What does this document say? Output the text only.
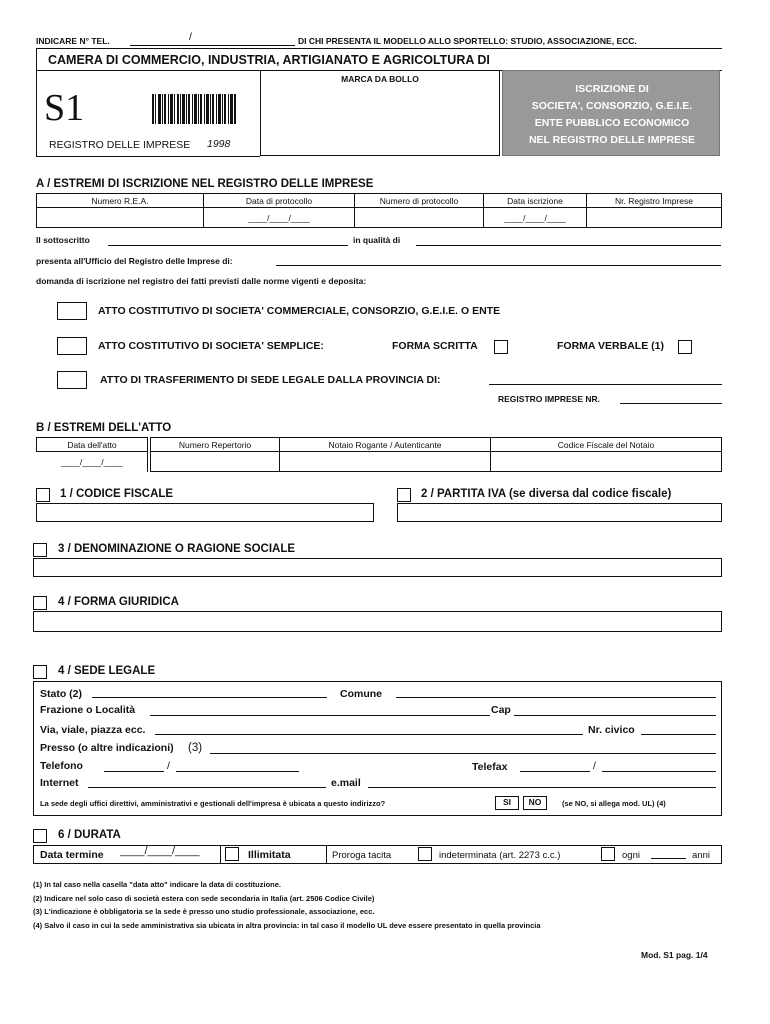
INDICARE N° TEL.	/	DI CHI PRESENTA IL MODELLO ALLO SPORTELLO: STUDIO, ASSOCIAZIONE, ECC.
CAMERA DI COMMERCIO, INDUSTRIA, ARTIGIANATO E AGRICOLTURA DI
MARCA DA BOLLO
S1
REGISTRO DELLE IMPRESE 1998
ISCRIZIONE DI
SOCIETA', CONSORZIO, G.E.I.E.
ENTE PUBBLICO ECONOMICO
NEL REGISTRO DELLE IMPRESE
A / ESTREMI DI ISCRIZIONE NEL REGISTRO DELLE IMPRESE
Numero R.E.A.	Data di protocollo	Numero di protocollo	Data iscrizione	Nr. Registro Imprese
	____/____/____		____/____/____	
Il sottoscritto	in qualità di
presenta all'Ufficio del Registro delle Imprese di:
domanda di iscrizione nel registro dei fatti previsti dalle norme vigenti e deposita:
ATTO COSTITUTIVO DI SOCIETA' COMMERCIALE, CONSORZIO, G.E.I.E. O ENTE
ATTO COSTITUTIVO DI SOCIETA' SEMPLICE:	FORMA SCRITTA	FORMA VERBALE (1)
ATTO DI TRASFERIMENTO DI SEDE LEGALE DALLA PROVINCIA DI:
REGISTRO IMPRESE NR.
B / ESTREMI DELL'ATTO
Data dell'atto		Numero Repertorio	Notaio Rogante / Autenticante	Codice Fiscale del Notaio
____/____/____				
1 / CODICE FISCALE	2 / PARTITA IVA (se diversa dal codice fiscale)
3 / DENOMINAZIONE O RAGIONE SOCIALE
4 / FORMA GIURIDICA
4 / SEDE LEGALE
Stato (2)	Comune
Frazione o Località	Cap
Via, viale, piazza ecc.	Nr. civico
Presso (o altre indicazioni) (3)
Telefono	/	Telefax	/
Internet	e.mail
La sede degli uffici direttivi, amministrativi e gestionali dell'impresa è ubicata a questo indirizzo?	SI	NO	(se NO, si allega mod. UL) (4)
6 / DURATA
Data termine ____/____/____	Illimitata	Proroga tacita	indeterminata (art. 2273 c.c.)	ogni	anni
(1) In tal caso nella casella "data atto" indicare la data di costituzione.
(2) Indicare nel solo caso di società estera con sede secondaria in Italia (art. 2506 Codice Civile)
(3) L'indicazione è obbligatoria se la sede è presso uno studio professionale, associazione, ecc.
(4) Salvo il caso in cui la sede amministrativa sia ubicata in altra provincia: in tal caso il modello UL deve essere presentato in quella provincia
Mod. S1 pag. 1/4
